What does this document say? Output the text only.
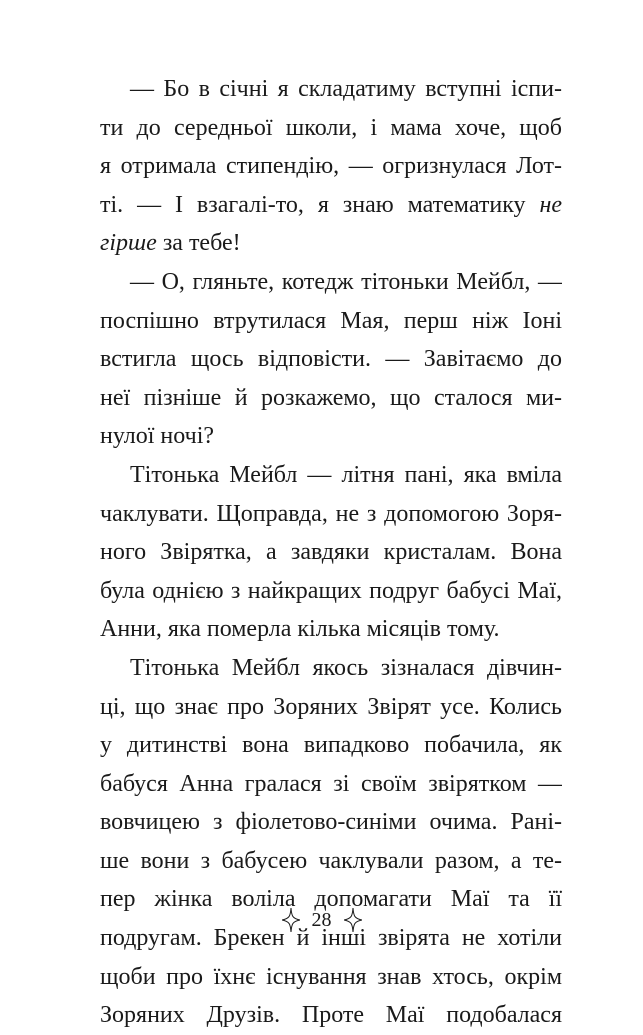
— Бо в січні я складатиму вступні іспи-
ти до середньої школи, і мама хоче, щоб
я отримала стипендію, — огризнулася Лот-
ті. — І взагалі-то, я знаю математику не
гірше за тебе!
— О, гляньте, котедж тітоньки Мейбл, —
поспішно втрутилася Мая, перш ніж Іоні
встигла щось відповісти. — Завітаємо до
неї пізніше й розкажемо, що сталося ми-
нулої ночі?
Тітонька Мейбл — літня пані, яка вміла
чаклувати. Щоправда, не з допомогою Зоря-
ного Звірятка, а завдяки кристалам. Вона
була однією з найкращих подруг бабусі Маї,
Анни, яка померла кілька місяців тому.
Тітонька Мейбл якось зізналася дівчин-
ці, що знає про Зоряних Звірят усе. Колись
у дитинстві вона випадково побачила, як
бабуся Анна гралася зі своїм звірятком —
вовчицею з фіолетово-синіми очима. Рані-
ше вони з бабусею чаклували разом, а те-
пер жінка воліла допомагати Маї та її
подругам. Брекен й інші звірята не хотіли
щоби про їхнє існування знав хтось, окрім
Зоряних Друзів. Проте Маї подобалася
28
